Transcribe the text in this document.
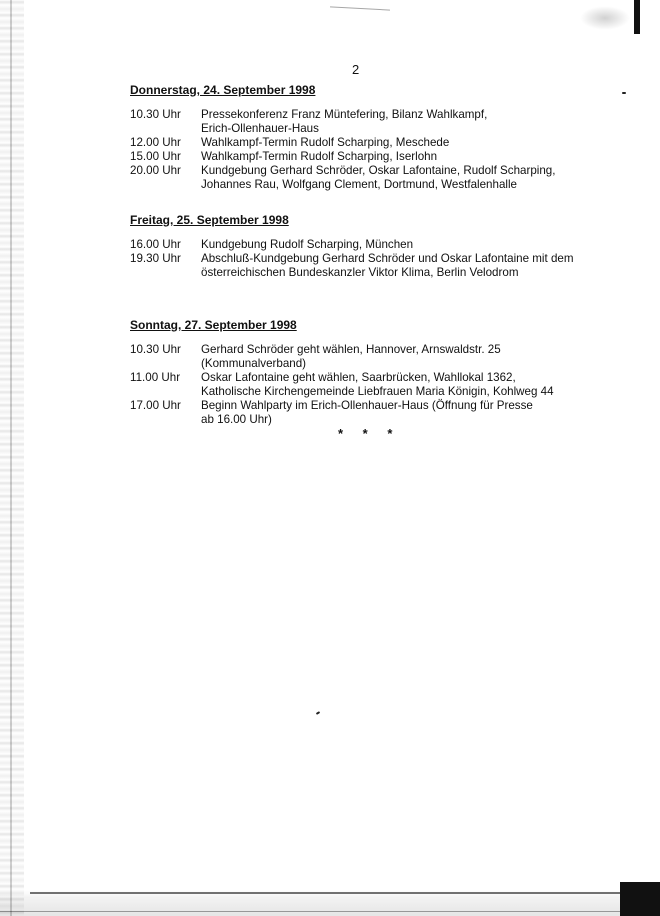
2
Donnerstag, 24. September 1998
10.30 Uhr	Pressekonferenz Franz Müntefering, Bilanz Wahlkampf,
Erich-Ollenhauer-Haus
12.00 Uhr	Wahlkampf-Termin Rudolf Scharping, Meschede
15.00 Uhr	Wahlkampf-Termin Rudolf Scharping, Iserlohn
20.00 Uhr	Kundgebung Gerhard Schröder, Oskar Lafontaine, Rudolf Scharping,
Johannes Rau, Wolfgang Clement, Dortmund, Westfalenhalle
Freitag, 25. September 1998
16.00 Uhr	Kundgebung Rudolf Scharping, München
19.30 Uhr	Abschluß-Kundgebung Gerhard Schröder und Oskar Lafontaine mit dem
österreichischen Bundeskanzler Viktor Klima, Berlin Velodrom
Sonntag, 27. September 1998
10.30 Uhr	Gerhard Schröder geht wählen, Hannover, Arnswaldstr. 25
(Kommunalverband)
11.00 Uhr	Oskar Lafontaine geht wählen, Saarbrücken, Wahllokal 1362,
Katholische Kirchengemeinde Liebfrauen Maria Königin, Kohlweg 44
17.00 Uhr	Beginn Wahlparty im Erich-Ollenhauer-Haus (Öffnung für Presse
ab 16.00 Uhr)
* * *
